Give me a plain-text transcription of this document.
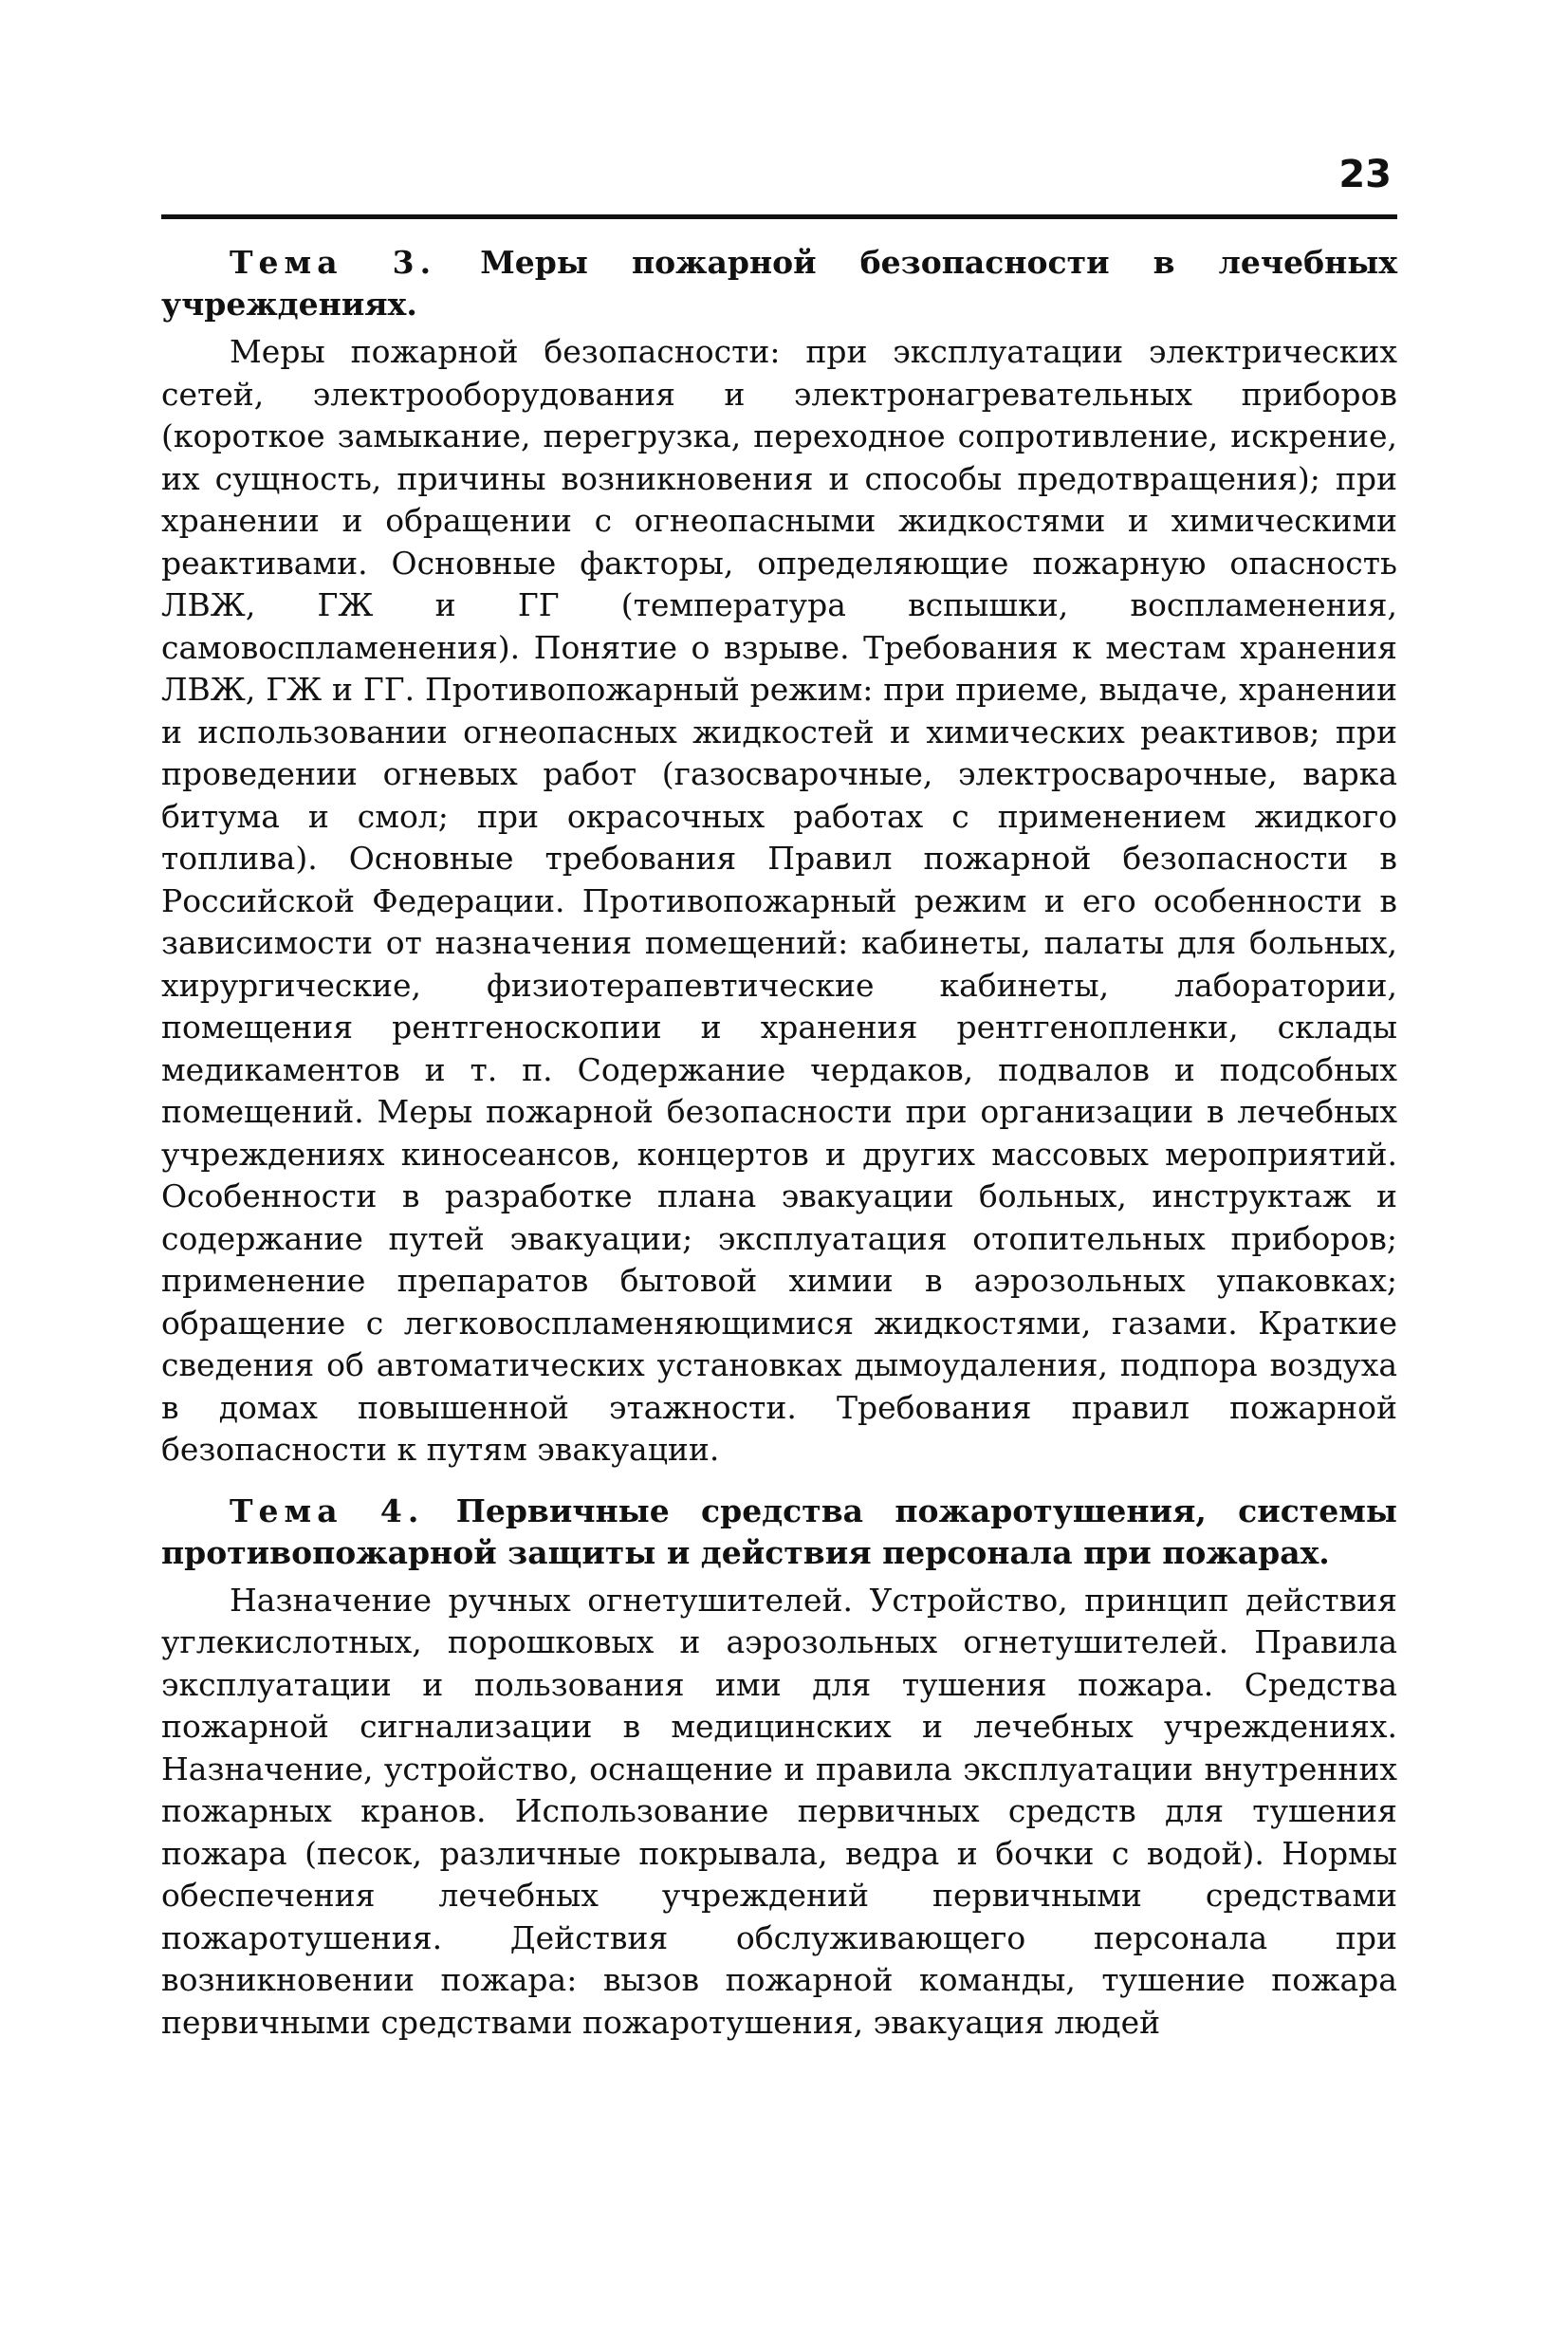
23

Тема 3. Меры пожарной безопасности в лечебных учреждениях.

Меры пожарной безопасности: при эксплуатации электрических сетей, электрооборудования и электронагревательных приборов (короткое замыкание, перегрузка, переходное сопротивление, искрение, их сущность, причины возникновения и способы предотвращения); при хранении и обращении с огнеопасными жидкостями и химическими реактивами. Основные факторы, определяющие пожарную опасность ЛВЖ, ГЖ и ГГ (температура вспышки, воспламенения, самовоспламенения). Понятие о взрыве. Требования к местам хранения ЛВЖ, ГЖ и ГГ. Противопожарный режим: при приеме, выдаче, хранении и использовании огнеопасных жидкостей и химических реактивов; при проведении огневых работ (газосварочные, электросварочные, варка битума и смол; при окрасочных работах с применением жидкого топлива). Основные требования Правил пожарной безопасности в Российской Федерации. Противопожарный режим и его особенности в зависимости от назначения помещений: кабинеты, палаты для больных, хирургические, физиотерапевтические кабинеты, лаборатории, помещения рентгеноскопии и хранения рентгенопленки, склады медикаментов и т. п. Содержание чердаков, подвалов и подсобных помещений. Меры пожарной безопасности при организации в лечебных учреждениях киносеансов, концертов и других массовых мероприятий. Особенности в разработке плана эвакуации больных, инструктаж и содержание путей эвакуации; эксплуатация отопительных приборов; применение препаратов бытовой химии в аэрозольных упаковках; обращение с легковоспламеняющимися жидкостями, газами. Краткие сведения об автоматических установках дымоудаления, подпора воздуха в домах повышенной этажности. Требования правил пожарной безопасности к путям эвакуации.

Тема 4. Первичные средства пожаротушения, системы противопожарной защиты и действия персонала при пожарах.

Назначение ручных огнетушителей. Устройство, принцип действия углекислотных, порошковых и аэрозольных огнетушителей. Правила эксплуатации и пользования ими для тушения пожара. Средства пожарной сигнализации в медицинских и лечебных учреждениях. Назначение, устройство, оснащение и правила эксплуатации внутренних пожарных кранов. Использование первичных средств для тушения пожара (песок, различные покрывала, ведра и бочки с водой). Нормы обеспечения лечебных учреждений первичными средствами пожаротушения. Действия обслуживающего персонала при возникновении пожара: вызов пожарной команды, тушение пожара первичными средствами пожаротушения, эвакуация людей
